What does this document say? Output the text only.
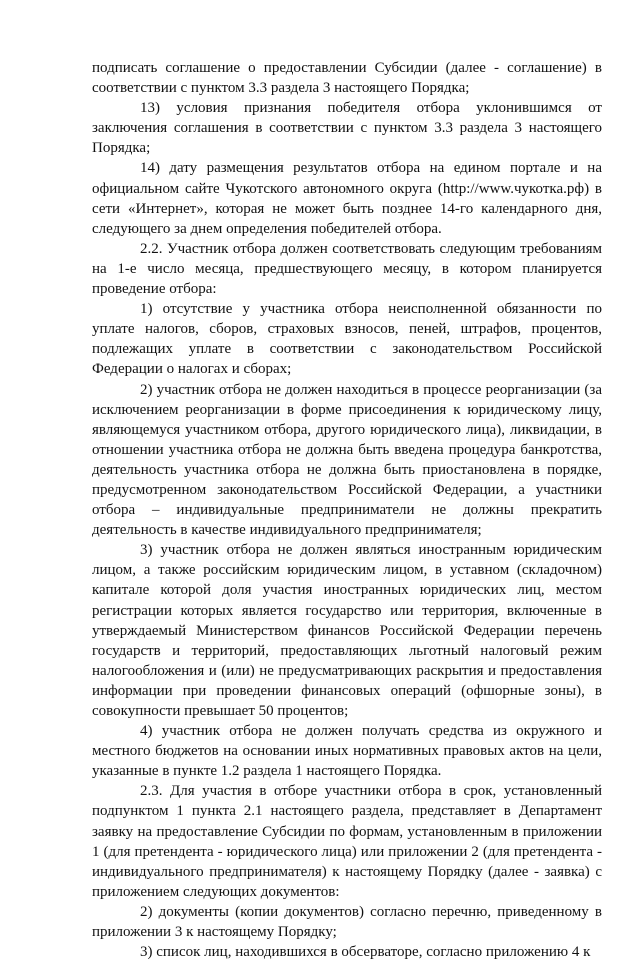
подписать соглашение о предоставлении Субсидии (далее - соглашение) в соответствии с пунктом 3.3 раздела 3 настоящего Порядка;

13) условия признания победителя отбора уклонившимся от заключения соглашения в соответствии с пунктом 3.3 раздела 3 настоящего Порядка;

14) дату размещения результатов отбора на едином портале и на официальном сайте Чукотского автономного округа (http://www.чукотка.рф) в сети «Интернет», которая не может быть позднее 14-го календарного дня, следующего за днем определения победителей отбора.

2.2. Участник отбора должен соответствовать следующим требованиям на 1-е число месяца, предшествующего месяцу, в котором планируется проведение отбора:

1) отсутствие у участника отбора неисполненной обязанности по уплате налогов, сборов, страховых взносов, пеней, штрафов, процентов, подлежащих уплате в соответствии с законодательством Российской Федерации о налогах и сборах;

2) участник отбора не должен находиться в процессе реорганизации (за исключением реорганизации в форме присоединения к юридическому лицу, являющемуся участником отбора, другого юридического лица), ликвидации, в отношении участника отбора не должна быть введена процедура банкротства, деятельность участника отбора не должна быть приостановлена в порядке, предусмотренном законодательством Российской Федерации, а участники отбора – индивидуальные предприниматели не должны прекратить деятельность в качестве индивидуального предпринимателя;

3) участник отбора не должен являться иностранным юридическим лицом, а также российским юридическим лицом, в уставном (складочном) капитале которой доля участия иностранных юридических лиц, местом регистрации которых является государство или территория, включенные в утверждаемый Министерством финансов Российской Федерации перечень государств и территорий, предоставляющих льготный налоговый режим налогообложения и (или) не предусматривающих раскрытия и предоставления информации при проведении финансовых операций (офшорные зоны), в совокупности превышает 50 процентов;

4) участник отбора не должен получать средства из окружного и местного бюджетов на основании иных нормативных правовых актов на цели, указанные в пункте 1.2 раздела 1 настоящего Порядка.

2.3. Для участия в отборе участники отбора в срок, установленный подпунктом 1 пункта 2.1 настоящего раздела, представляет в Департамент заявку на предоставление Субсидии по формам, установленным в приложении 1 (для претендента - юридического лица) или приложении 2 (для претендента - индивидуального предпринимателя) к настоящему Порядку (далее - заявка) с приложением следующих документов:

2) документы (копии документов) согласно перечню, приведенному в приложении 3 к настоящему Порядку;

3) список лиц, находившихся в обсерваторе, согласно приложению 4 к
